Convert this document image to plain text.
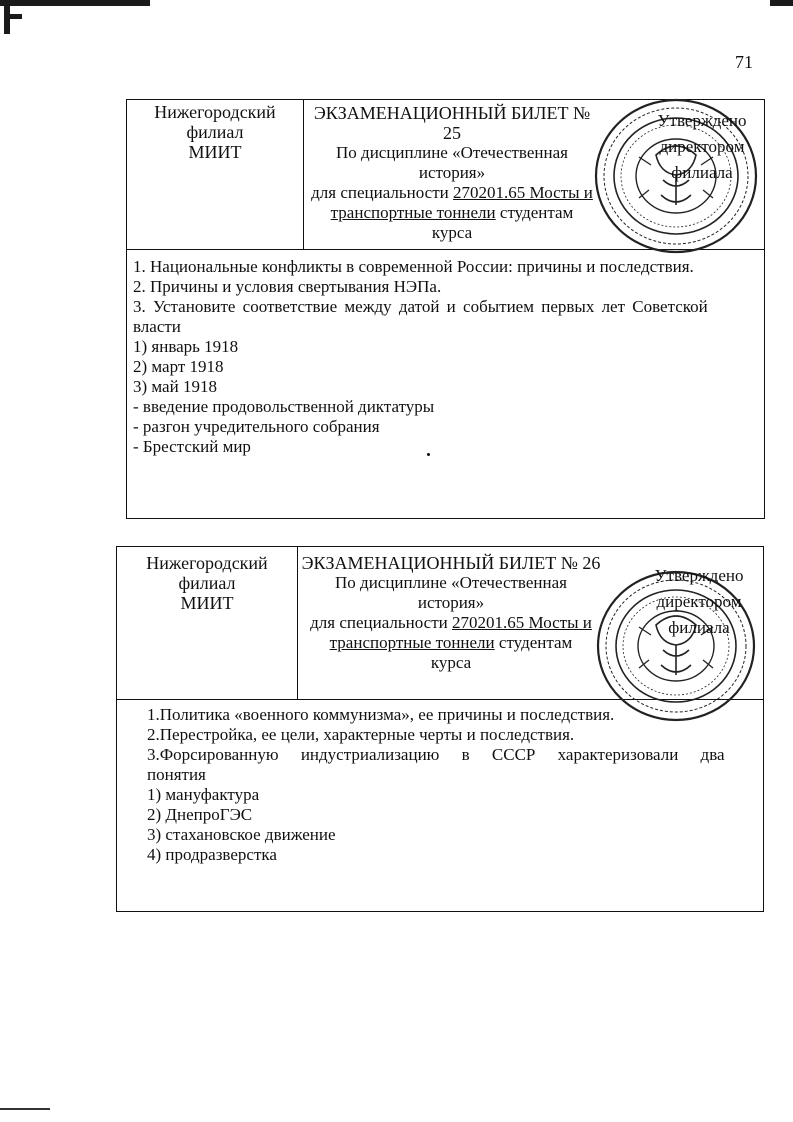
71
Нижегородский
филиал
МИИТ
ЭКЗАМЕНАЦИОННЫЙ БИЛЕТ № 25
По дисциплине «Отечественная
история»
для специальности 270201.65 Мосты и
транспортные тоннели студентам
курса
Утверждено
директором
филиала
1. Национальные конфликты в современной России: причины и последствия.
2. Причины и условия свертывания НЭПа.
3. Установите соответствие между датой и событием первых лет Советской
власти
1) январь 1918
2) март 1918
3) май 1918
- введение продовольственной диктатуры
- разгон учредительного собрания
- Брестский мир
Нижегородский
филиал
МИИТ
ЭКЗАМЕНАЦИОННЫЙ БИЛЕТ № 26
По дисциплине «Отечественная
история»
для специальности 270201.65 Мосты и
транспортные тоннели студентам
курса
Утверждено
директором
филиала
1.Политика «военного коммунизма», ее причины и последствия.
2.Перестройка, ее цели, характерные черты и последствия.
3.Форсированную индустриализацию в СССР характеризовали два
понятия
1) мануфактура
2) ДнепроГЭС
3) стахановское движение
4) продразверстка
